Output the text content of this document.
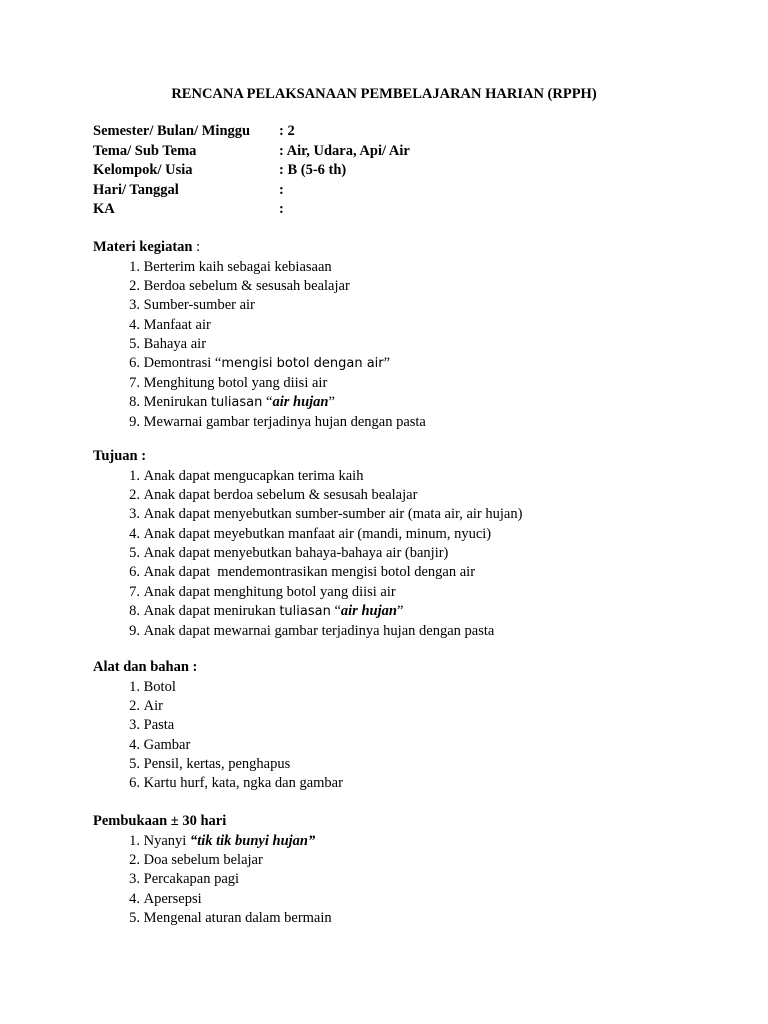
RENCANA PELAKSANAAN PEMBELAJARAN HARIAN (RPPH)
Semester/ Bulan/ Minggu : 2
Tema/ Sub Tema	: Air, Udara, Api/ Air
Kelompok/ Usia	: B (5-6 th)
Hari/ Tanggal	:
KA	:
Materi kegiatan :
1. Berterim kaih sebagai kebiasaan
2. Berdoa sebelum & sesusah bealajar
3. Sumber-sumber air
4. Manfaat air
5. Bahaya air
6. Demontrasi “mengisi botol dengan air”
7. Menghitung botol yang diisi air
8. Menirukan tuliasan “air hujan”
9. Mewarnai gambar terjadinya hujan dengan pasta
Tujuan :
1. Anak dapat mengucapkan terima kaih
2. Anak dapat berdoa sebelum & sesusah bealajar
3. Anak dapat menyebutkan sumber-sumber air (mata air, air hujan)
4. Anak dapat meyebutkan manfaat air (mandi, minum, nyuci)
5. Anak dapat menyebutkan bahaya-bahaya air (banjir)
6. Anak dapat  mendemontrasikan mengisi botol dengan air
7. Anak dapat menghitung botol yang diisi air
8. Anak dapat menirukan tuliasan “air hujan”
9. Anak dapat mewarnai gambar terjadinya hujan dengan pasta
Alat dan bahan :
1. Botol
2. Air
3. Pasta
4. Gambar
5. Pensil, kertas, penghapus
6. Kartu hurf, kata, ngka dan gambar
Pembukaan ± 30 hari
1. Nyanyi “tik tik bunyi hujan”
2. Doa sebelum belajar
3. Percakapan pagi
4. Apersepsi
5. Mengenal aturan dalam bermain
